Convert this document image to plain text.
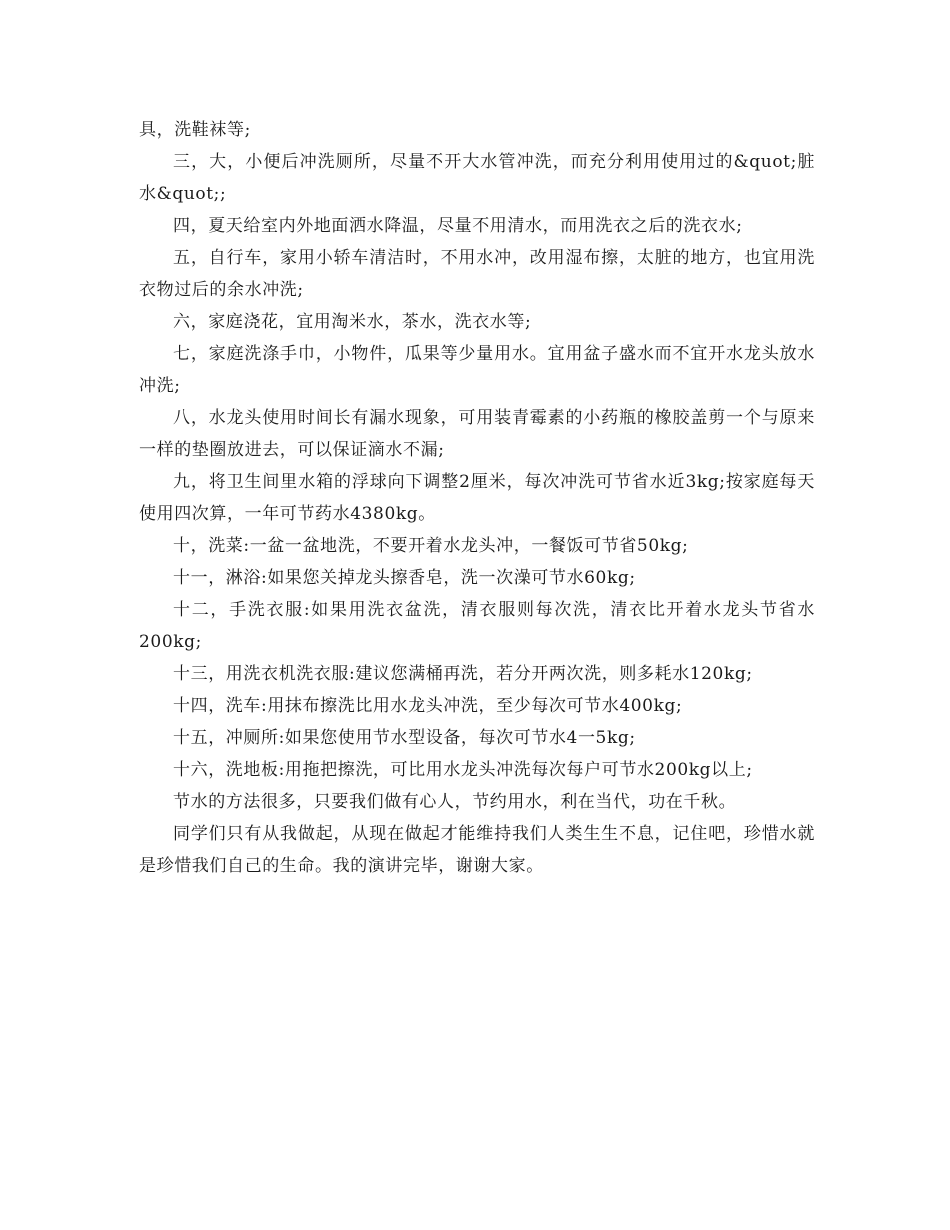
具，洗鞋袜等;

三，大，小便后冲洗厕所，尽量不开大水管冲洗，而充分利用使用过的&quot;脏水&quot;;

四，夏天给室内外地面洒水降温，尽量不用清水，而用洗衣之后的洗衣水;

五，自行车，家用小轿车清洁时，不用水冲，改用湿布擦，太脏的地方，也宜用洗衣物过后的余水冲洗;

六，家庭浇花，宜用淘米水，茶水，洗衣水等;

七，家庭洗涤手巾，小物件，瓜果等少量用水。宜用盆子盛水而不宜开水龙头放水冲洗;

八，水龙头使用时间长有漏水现象，可用装青霉素的小药瓶的橡胶盖剪一个与原来一样的垫圈放进去，可以保证滴水不漏;

九，将卫生间里水箱的浮球向下调整2厘米，每次冲洗可节省水近3kg;按家庭每天使用四次算，一年可节药水4380kg。

十，洗菜:一盆一盆地洗，不要开着水龙头冲，一餐饭可节省50kg;

十一，淋浴:如果您关掉龙头擦香皂，洗一次澡可节水60kg;

十二，手洗衣服:如果用洗衣盆洗，清衣服则每次洗，清衣比开着水龙头节省水200kg;

十三，用洗衣机洗衣服:建议您满桶再洗，若分开两次洗，则多耗水120kg;

十四，洗车:用抹布擦洗比用水龙头冲洗，至少每次可节水400kg;

十五，冲厕所:如果您使用节水型设备，每次可节水4一5kg;

十六，洗地板:用拖把擦洗，可比用水龙头冲洗每次每户可节水200kg以上;

节水的方法很多，只要我们做有心人，节约用水，利在当代，功在千秋。

同学们只有从我做起，从现在做起才能维持我们人类生生不息，记住吧，珍惜水就是珍惜我们自己的生命。我的演讲完毕，谢谢大家。
